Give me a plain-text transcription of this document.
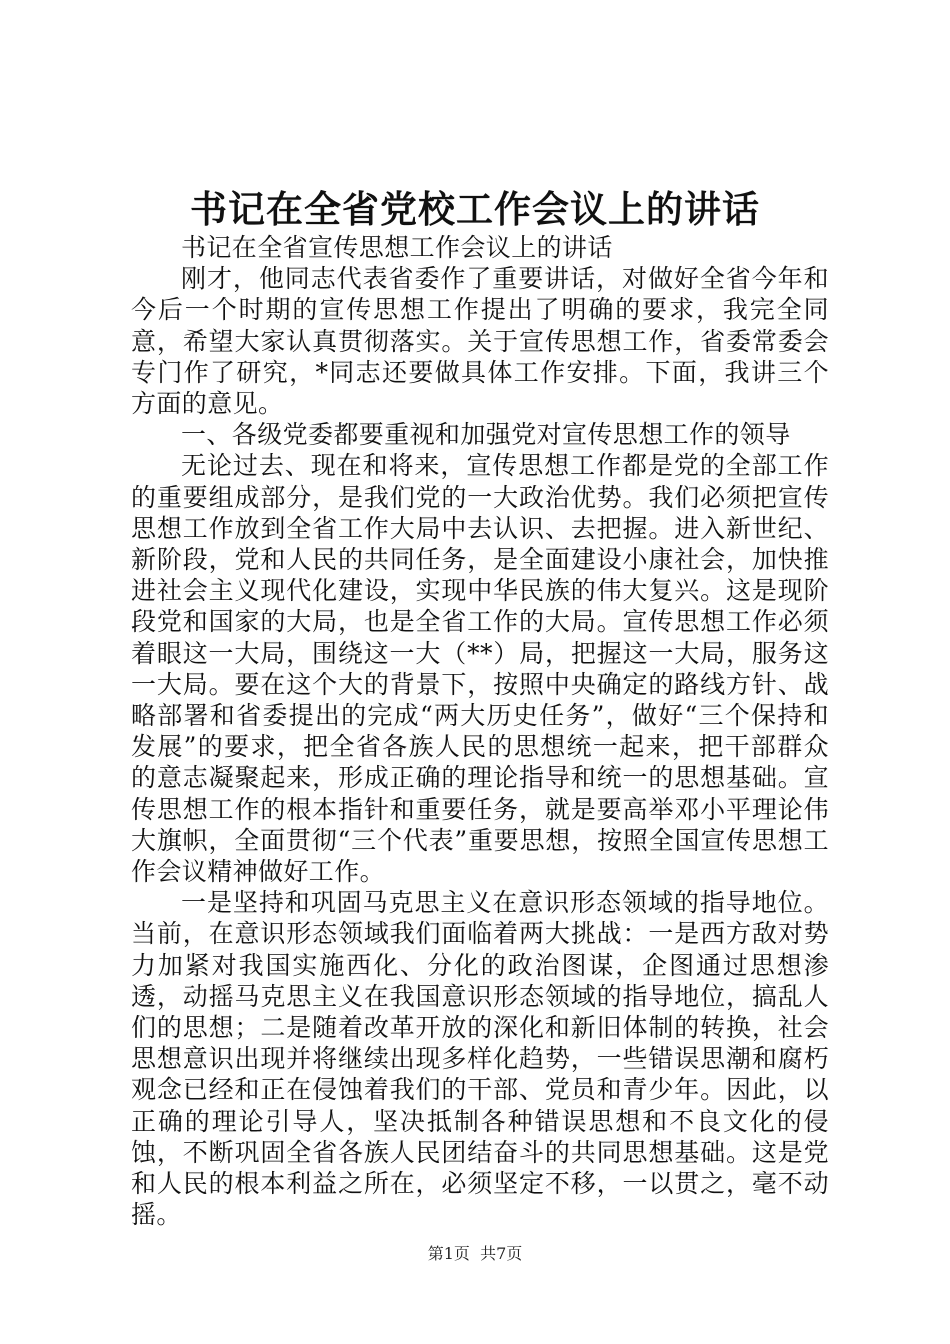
书记在全省党校工作会议上的讲话

书记在全省宣传思想工作会议上的讲话

刚才，他同志代表省委作了重要讲话，对做好全省今年和今后一个时期的宣传思想工作提出了明确的要求，我完全同意，希望大家认真贯彻落实。关于宣传思想工作，省委常委会专门作了研究，*同志还要做具体工作安排。下面，我讲三个方面的意见。

一、各级党委都要重视和加强党对宣传思想工作的领导

无论过去、现在和将来，宣传思想工作都是党的全部工作的重要组成部分，是我们党的一大政治优势。我们必须把宣传思想工作放到全省工作大局中去认识、去把握。进入新世纪、新阶段，党和人民的共同任务，是全面建设小康社会，加快推进社会主义现代化建设，实现中华民族的伟大复兴。这是现阶段党和国家的大局，也是全省工作的大局。宣传思想工作必须着眼这一大局，围绕这一大（**）局，把握这一大局，服务这一大局。要在这个大的背景下，按照中央确定的路线方针、战略部署和省委提出的完成“两大历史任务”，做好“三个保持和发展”的要求，把全省各族人民的思想统一起来，把干部群众的意志凝聚起来，形成正确的理论指导和统一的思想基础。宣传思想工作的根本指针和重要任务，就是要高举邓小平理论伟大旗帜，全面贯彻“三个代表”重要思想，按照全国宣传思想工作会议精神做好工作。

一是坚持和巩固马克思主义在意识形态领域的指导地位。当前，在意识形态领域我们面临着两大挑战：一是西方敌对势力加紧对我国实施西化、分化的政治图谋，企图通过思想渗透，动摇马克思主义在我国意识形态领域的指导地位，搞乱人们的思想；二是随着改革开放的深化和新旧体制的转换，社会思想意识出现并将继续出现多样化趋势，一些错误思潮和腐朽观念已经和正在侵蚀着我们的干部、党员和青少年。因此，以正确的理论引导人，坚决抵制各种错误思想和不良文化的侵蚀，不断巩固全省各族人民团结奋斗的共同思想基础。这是党和人民的根本利益之所在，必须坚定不移，一以贯之，毫不动摇。

第1页 共7页
